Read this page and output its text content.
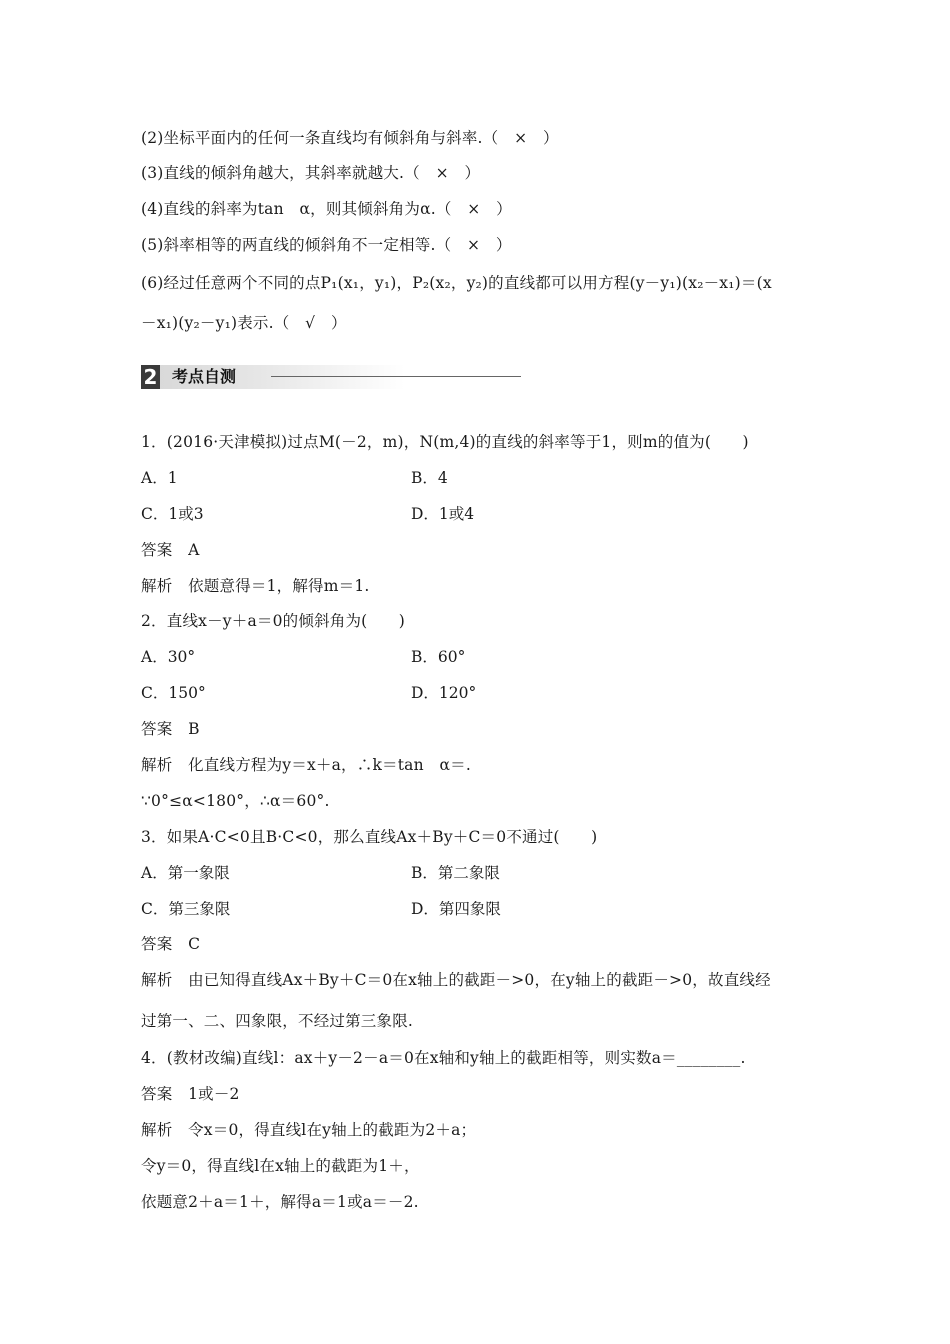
(2)坐标平面内的任何一条直线均有倾斜角与斜率.（　×　）
(3)直线的倾斜角越大，其斜率就越大.（　×　）
(4)直线的斜率为tan　α，则其倾斜角为α.（　×　）
(5)斜率相等的两直线的倾斜角不一定相等.（　×　）
(6)经过任意两个不同的点P₁(x₁，y₁)，P₂(x₂，y₂)的直线都可以用方程(y－y₁)(x₂－x₁)＝(x
－x₁)(y₂－y₁)表示.（　√　）
2 考点自测
1．(2016·天津模拟)过点M(－2，m)，N(m,4)的直线的斜率等于1，则m的值为(　　)
A．1	B．4
C．1或3	D．1或4
答案　A
解析　依题意得＝1，解得m＝1.
2．直线x－y＋a＝0的倾斜角为(　　)
A．30°	B．60°
C．150°	D．120°
答案　B
解析　化直线方程为y＝x＋a，∴k＝tan　α＝.
∵0°≤α<180°，∴α＝60°.
3．如果A·C<0且B·C<0，那么直线Ax＋By＋C＝0不通过(　　)
A．第一象限	B．第二象限
C．第三象限	D．第四象限
答案　C
解析　由已知得直线Ax＋By＋C＝0在x轴上的截距－>0，在y轴上的截距－>0，故直线经
过第一、二、四象限，不经过第三象限.
4．(教材改编)直线l：ax＋y－2－a＝0在x轴和y轴上的截距相等，则实数a＝________.
答案　1或－2
解析　令x＝0，得直线l在y轴上的截距为2＋a；
令y＝0，得直线l在x轴上的截距为1＋，
依题意2＋a＝1＋，解得a＝1或a＝－2.
